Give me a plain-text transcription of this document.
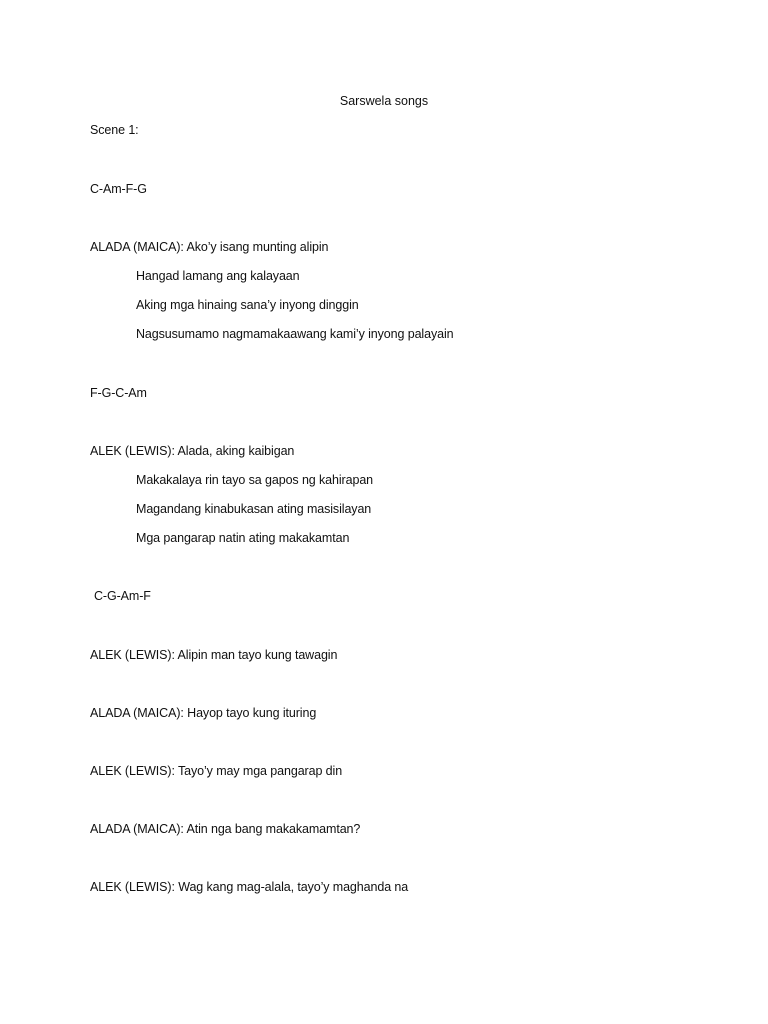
Sarswela songs
Scene 1:
C-Am-F-G
ALADA (MAICA): Ako’y isang munting alipin
Hangad lamang ang kalayaan
Aking mga hinaing sana’y inyong dinggin
Nagsusumamo nagmamakaawang kami’y inyong palayain
F-G-C-Am
ALEK (LEWIS): Alada, aking kaibigan
Makakalaya rin tayo sa gapos ng kahirapan
Magandang kinabukasan ating masisilayan
Mga pangarap natin ating makakamtan
C-G-Am-F
ALEK (LEWIS): Alipin man tayo kung tawagin
ALADA (MAICA): Hayop tayo kung ituring
ALEK (LEWIS): Tayo’y may mga pangarap din
ALADA (MAICA): Atin nga bang makakamamtan?
ALEK (LEWIS): Wag kang mag-alala, tayo’y maghanda na
